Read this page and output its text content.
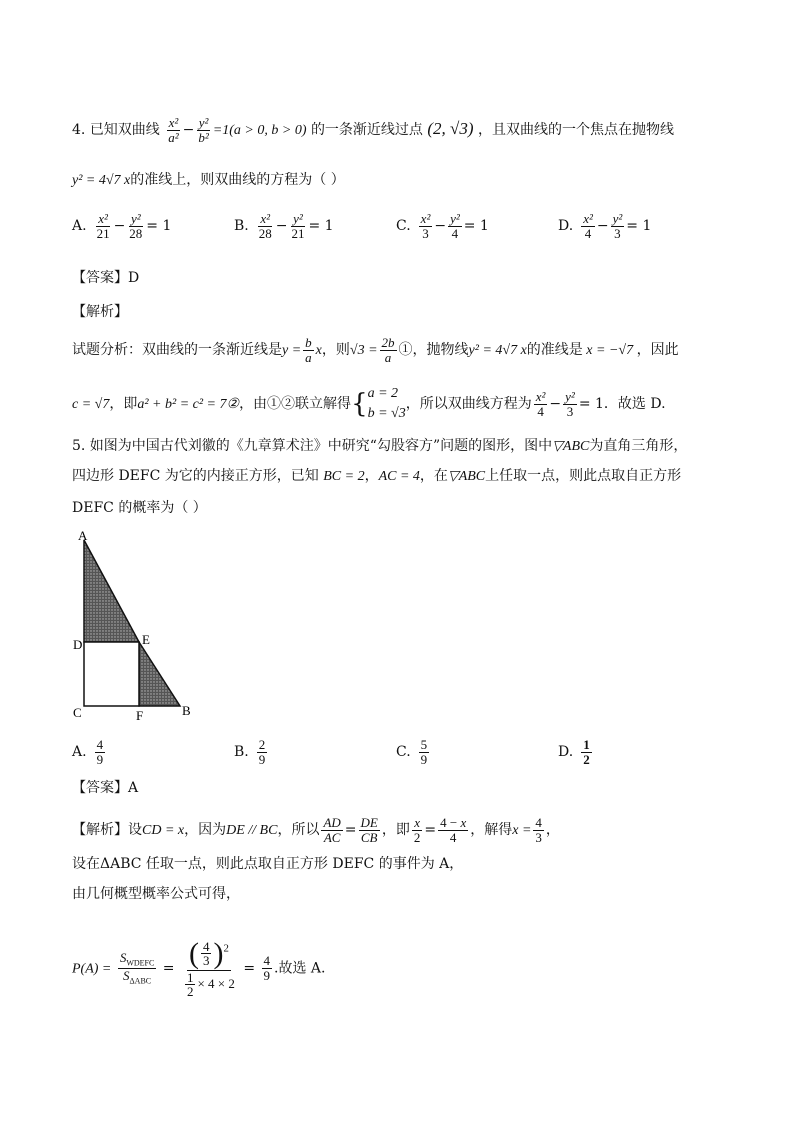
4. 已知双曲线 $\frac{\text{x²}}{\text{a²}} - \frac{\text{y²}}{\text{b²}} =1(a > 0$, b > 0) 的一条渐近线过点 (2, √3) ，且双曲线的一个焦点在抛物线
y² = 4√7 x的准线上，则双曲线的方程为（ ）
A. $\frac{\text{x²}}{21} - \frac{\text{y²}}{28} = 1$	B. $\frac{\text{x²}}{28} - \frac{\text{y²}}{21} = 1$	C. $\frac{\text{x²}}{3} - \frac{\text{y²}}{4} = 1$	D. $\frac{\text{x²}}{4} - \frac{\text{y²}}{3} = 1$
【答案】D
【解析】
试题分析：双曲线的一条渐近线是$y = \frac{b}{a}$ x，则$√3 = \frac{2b}{a}$ ①，抛物线y² = 4√7 x的准线是 x = −√7 ，因此
c = √7，即a² + b² = c² = 7②，由①②联立解得{ a = 2
b = √3
，所以双曲线方程为 $\frac{\text{x²}}{4} - \frac{\text{y²}}{3} = 1$．故选 D.
5. 如图为中国古代刘徽的《九章算术注》中研究“勾股容方”问题的图形，图中▽ABC为直角三角形，
四边形 DEFC 为它的内接正方形，已知 BC = 2，AC = 4，在▽ABC上任取一点，则此点取自正方形
DEFC 的概率为（ ）
A
D	E
C	F	B
A. $\frac{4}{9}$	B. $\frac{2}{9}$	C. $\frac{5}{9}$	D. $\frac{1}{2}$
【答案】A
【解析】设CD = x，因为DE // BC，所以 $\frac{AD}{AC} = \frac{DE}{CB}$ ，即 $\frac{x}{2} = \frac{4 - x}{4}$ ，解得$x = \frac{4}{3}$ ，
设在ΔABC 任取一点，则此点取自正方形 DEFC 的事件为 A，
由几何概型概率公式可得，
$P(A) = \frac{S_{WDEFC}}{S_{\Delta ABC}} = \frac{( \frac{4}{3} )^2}{\frac{1}{2} \times 4 \times 2} = \frac{4}{9}$ .故选 A.
